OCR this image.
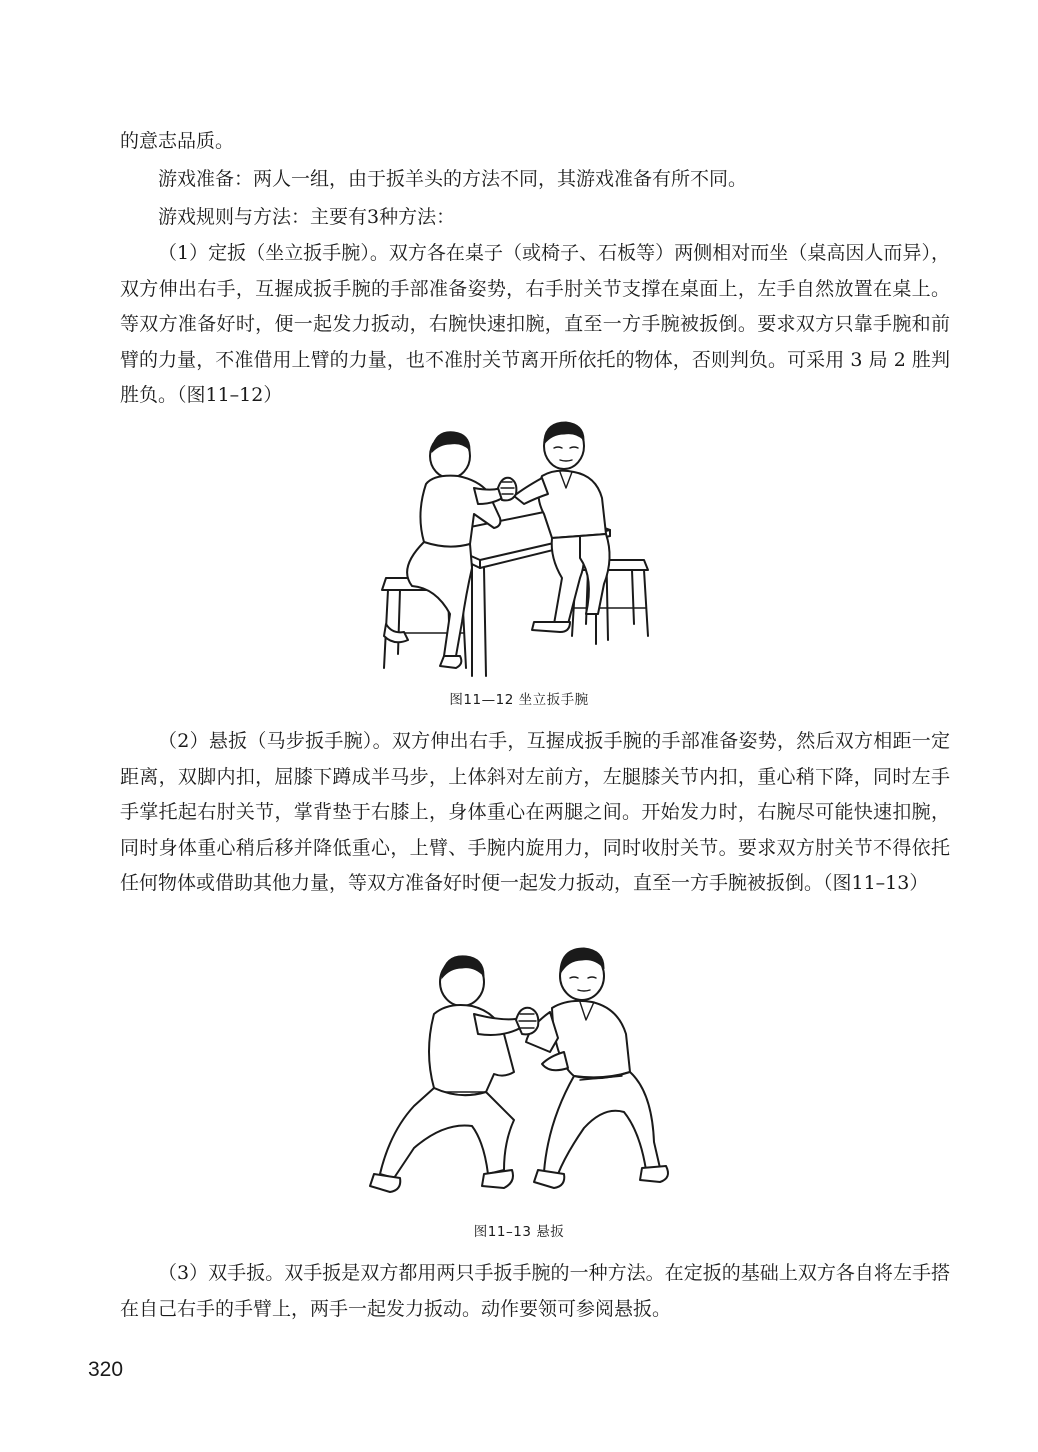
的意志品质。

游戏准备：两人一组，由于扳羊头的方法不同，其游戏准备有所不同。

游戏规则与方法：主要有3种方法：

（1）定扳（坐立扳手腕）。双方各在桌子（或椅子、石板等）两侧相对而坐（桌高因人而异），双方伸出右手，互握成扳手腕的手部准备姿势，右手肘关节支撑在桌面上，左手自然放置在桌上。等双方准备好时，便一起发力扳动，右腕快速扣腕，直至一方手腕被扳倒。要求双方只靠手腕和前臂的力量，不准借用上臂的力量，也不准肘关节离开所依托的物体，否则判负。可采用 3 局 2 胜判胜负。（图11–12）

图11—12 坐立扳手腕

（2）悬扳（马步扳手腕）。双方伸出右手，互握成扳手腕的手部准备姿势，然后双方相距一定距离，双脚内扣，屈膝下蹲成半马步，上体斜对左前方，左腿膝关节内扣，重心稍下降，同时左手手掌托起右肘关节，掌背垫于右膝上，身体重心在两腿之间。开始发力时，右腕尽可能快速扣腕，同时身体重心稍后移并降低重心，上臂、手腕内旋用力，同时收肘关节。要求双方肘关节不得依托任何物体或借助其他力量，等双方准备好时便一起发力扳动，直至一方手腕被扳倒。（图11–13）

图11–13 悬扳

（3）双手扳。双手扳是双方都用两只手扳手腕的一种方法。在定扳的基础上双方各自将左手搭在自己右手的手臂上，两手一起发力扳动。动作要领可参阅悬扳。

320
